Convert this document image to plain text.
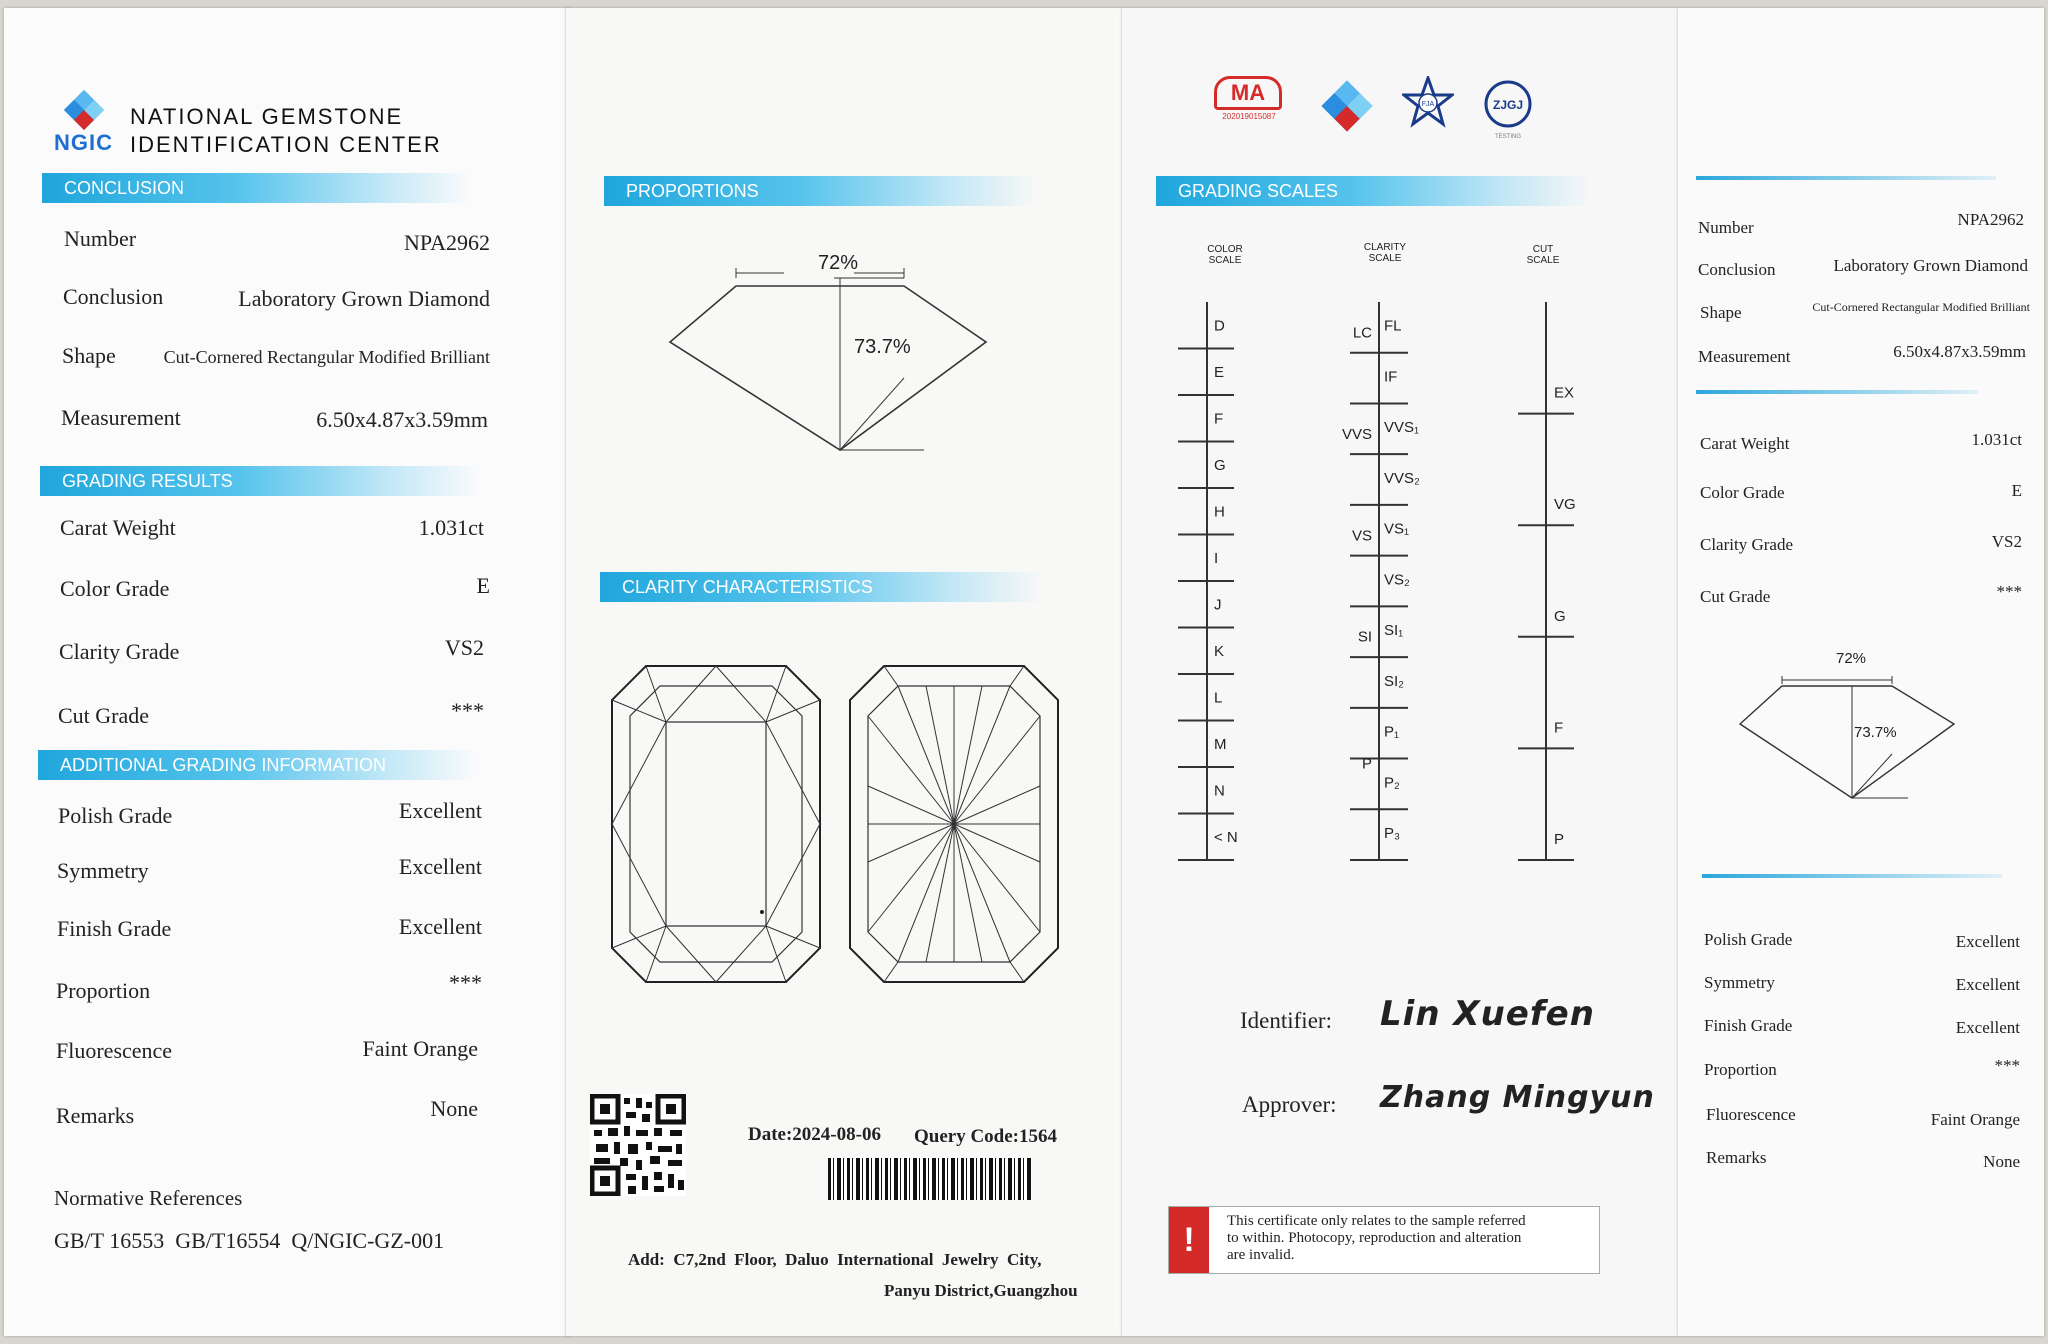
NGIC
NATIONAL GEMSTONE
IDENTIFICATION CENTER
CONCLUSION
Number	NPA2962
Conclusion	Laboratory Grown Diamond
Shape	Cut-Cornered Rectangular Modified Brilliant
Measurement	6.50x4.87x3.59mm
GRADING RESULTS
Carat Weight	1.031ct
Color Grade	E
Clarity Grade	VS2
Cut Grade	***
ADDITIONAL GRADING INFORMATION
Polish Grade	Excellent
Symmetry	Excellent
Finish Grade	Excellent
Proportion	***
Fluorescence	Faint Orange
Remarks	None
Normative References
GB/T 16553  GB/T16554  Q/NGIC-GZ-001
PROPORTIONS
72%
73.7%
CLARITY CHARACTERISTICS
Date:2024-08-06 Query Code:1564
Add:  C7,2nd  Floor,  Daluo  International  Jewelry  City,
Panyu District,Guangzhou
MA
202019015087
FJA	ZJGJ
TESTING
GRADING SCALES
COLOR
SCALE
CLARITY
SCALE
CUT
SCALE
D
E
F
G
H
I
J
K
L
M
N
< N
FL
IF
VVS₁
VVS₂
VS₁
VS₂
SI₁
SI₂
P₁
P₂
P₃
LC
VVS
VS
SI
P
EX
VG
G
F
P
Identifier: Lin Xuefen
Approver: Zhang Mingyun
!	This certificate only relates to the sample referred
to within. Photocopy, reproduction and alteration
are invalid.
Number	NPA2962
Conclusion	Laboratory Grown Diamond
Shape	Cut-Cornered Rectangular Modified Brilliant
Measurement	6.50x4.87x3.59mm
Carat Weight	1.031ct
Color Grade	E
Clarity Grade	VS2
Cut Grade	***
72%
73.7%
Polish Grade	Excellent
Symmetry	Excellent
Finish Grade	Excellent
Proportion	***
Fluorescence	Faint Orange
Remarks	None
